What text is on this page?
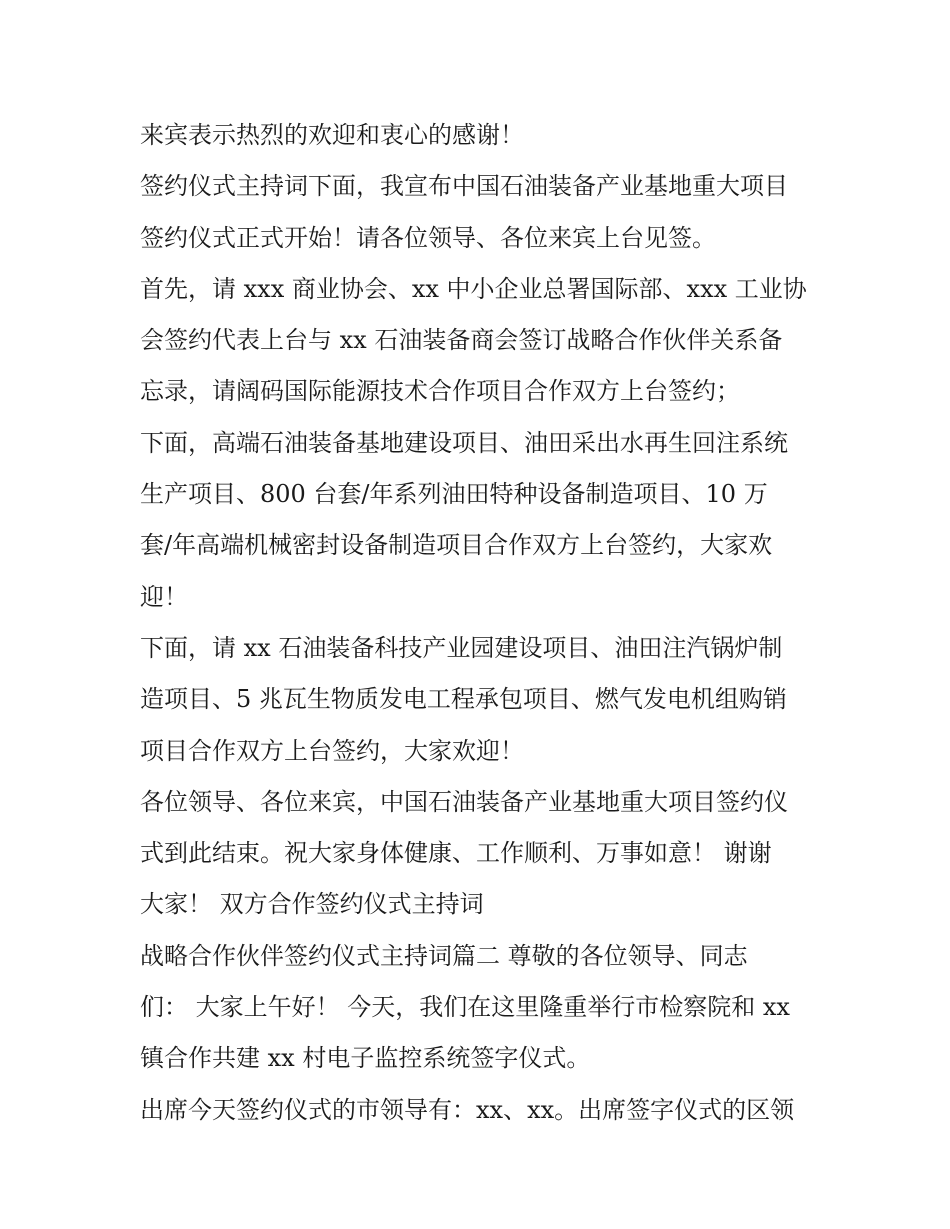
来宾表示热烈的欢迎和衷心的感谢！
签约仪式主持词下面，我宣布中国石油装备产业基地重大项目
签约仪式正式开始！请各位领导、各位来宾上台见签。
首先，请 xxx 商业协会、xx 中小企业总署国际部、xxx 工业协
会签约代表上台与 xx 石油装备商会签订战略合作伙伴关系备
忘录，请阔码国际能源技术合作项目合作双方上台签约；
下面，高端石油装备基地建设项目、油田采出水再生回注系统
生产项目、800 台套/年系列油田特种设备制造项目、10 万
套/年高端机械密封设备制造项目合作双方上台签约，大家欢
迎！
下面，请 xx 石油装备科技产业园建设项目、油田注汽锅炉制
造项目、5 兆瓦生物质发电工程承包项目、燃气发电机组购销
项目合作双方上台签约，大家欢迎！
各位领导、各位来宾，中国石油装备产业基地重大项目签约仪
式到此结束。祝大家身体健康、工作顺利、万事如意！ 谢谢
大家！ 双方合作签约仪式主持词
战略合作伙伴签约仪式主持词篇二 尊敬的各位领导、同志
们： 大家上午好！ 今天，我们在这里隆重举行市检察院和 xx
镇合作共建 xx 村电子监控系统签字仪式。
出席今天签约仪式的市领导有：xx、xx。出席签字仪式的区领
